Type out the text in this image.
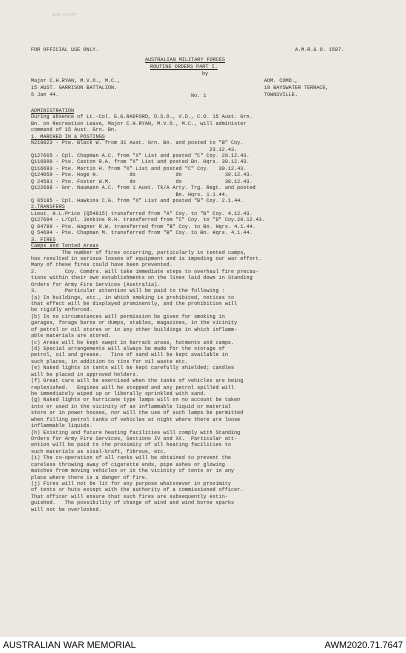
WAR DIARY
FOR OFFICIAL USE ONLY.	A.M.R.& O. 1587.
AUSTRALIAN MILITARY FORCES
ROUTINE ORDERS PART I.
by
Major C.H.RYAN, M.V.O., M.C.,
15 AUST. GARRISON BATTALION.
5 Jan 44.	No. 1
ADM. COMD.,
18 BAYSWATER TERRACE,
TOWNSVILLE.
ADMINISTRATION
During absence of Lt.-Col. E.G.RADFORD, D.S.O., V.D., C.O. 15 Aust. Grn.
Bn. on Recreation Leave, Major C.H.RYAN, M.V.O., M.C., will administer
command of 15 Aust. Grn. Bn.
1. MARCHED IN & POSTINGS
N218823 - Pte. Black W. from 31 Aust. Grn. Bn. and posted to "B" Coy.
23.12.43.
Q127665 - Cpl. Chapman A.C. from "X" List and posted "C" Coy. 29.12.43.
Q116890 - Pte. Caston R.A. from "X" List and posted Bn. Hqrs. 30.12.43.
Q116693 - Pte. Martin H. from "X" List and posted "C" Coy.   30.12.43.
Q124059 - Pte. Hoge H.          do             do              30.12.43.
Q 24581 - Pte. Foster W.M.      do             do              30.12.43.
Q122688 - Gnr. Naumann A.C. from 1 Aust. Tk/A Arty. Trg. Regt. and posted
Bn. Hqrs. 1.1.44.
Q 85185 - Cpl. Hawkins C.G. from "X" List and posted "B" Coy. 2.1.44.
2.TRANSFERS
Lieut. H.L.Price (Q54815) transferred from "A" Coy. to "B" Coy. 4.12.43.
Q127694 - L/Cpl. Jenkins R.H. transferred from "C" Coy. to "D" Coy.29.12.43.
Q 84789 - Pte. Wagner R.W. transferred from "B" Coy. to Bn. Hqrs. 4.1.44.
Q 54694 - Pte. Chapman M. transferred from "B" Coy. to Bn. Hqrs. 4.1.44.
3. FIRES
Camps and Tented Areas
The number of fires occurring, particularly in tented camps,
has resulted in serious losses of equipment and is impeding our war effort.
Many of these fires could have been prevented.
2.         Coy. Comdrs. will take immediate steps to overhaul fire precau-
tions within their own establishments on the lines laid down in Standing
Orders for Army Fire Services (Australia).
3.         Particular attention will be paid to the following :
(a) In buildings, etc., in which smoking is prohibited, notices to
that effect will be displayed prominently, and the prohibition will
be rigidly enforced.
(b) In no circumstances will permission be given for smoking in
garages, forage barns or dumps, stables, magazines, in the vicinity
of petrol or oil stores or in any other buildings in which inflamm-
able materials are stored.
(c) Areas will be kept swept in barrack areas, hutments and camps.
(d) Special arrangements will always be made for the storage of
petrol, oil and grease.   Tins of sand will be kept available in
such places, in addition to tins for oil waste etc.
(e) Naked lights in tents will be kept carefully shielded; candles
will be placed in approved holders.
(f) Great care will be exercised when the tanks of vehicles are being
replenished.   Engines will be stopped and any petrol spilled will
be immediately wiped up or liberally sprinkled with sand.
(g) Naked lights or hurricane type lamps will on no account be taken
into or used in the vicinity of an inflammable liquid or material
store or in power houses, nor will the use of such lamps be permitted
when filling petrol tanks of vehicles at night where there are loose
inflammable liquids.
(h) Existing and future heating facilities will comply with Standing
Orders for Army Fire Services, Sections IV and XX.  Particular att-
ention will be paid to the proximity of all heating facilities to
such materials as sisal-kraft, fibrous, etc.
(i) The co-operation of all ranks will be obtained to prevent the
careless throwing away of cigarette ends, pipe ashes or glowing
matches from moving vehicles or in the vicinity of tents or in any
place where there is a danger of fire.
(j) Fires will not be lit for any purpose whatsoever in proximity
of tents or huts except with the authority of a commissioned officer.
That officer will ensure that such fires are subsequently extin-
guished.   The possibility of change of wind and wind borne sparks
will not be overlooked.
AUSTRALIAN WAR MEMORIAL	AWM2020.71.7647
